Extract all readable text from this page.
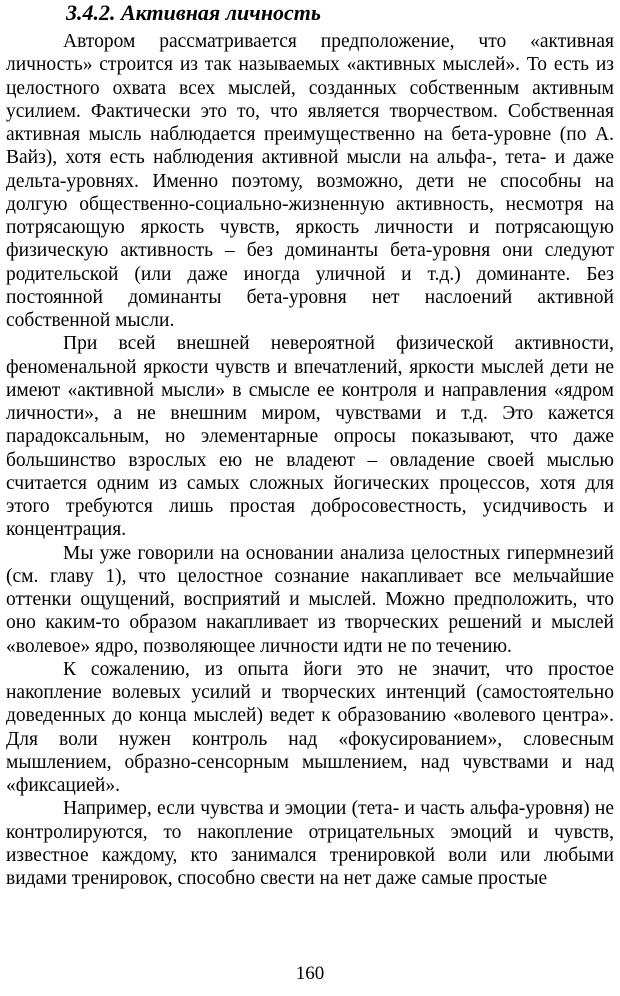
3.4.2. Активная личность

Автором рассматривается предположение, что «активная личность» строится из так называемых «активных мыслей». То есть из целостного охвата всех мыслей, созданных собственным активным усилием. Фактически это то, что является творчеством. Собственная активная мысль наблюдается преимущественно на бета-уровне (по А. Вайз), хотя есть наблюдения активной мысли на альфа-, тета- и даже дельта-уровнях. Именно поэтому, возможно, дети не способны на долгую общественно-социально-жизненную активность, несмотря на потрясающую яркость чувств, яркость личности и потрясающую физическую активность – без доминанты бета-уровня они следуют родительской (или даже иногда уличной и т.д.) доминанте. Без постоянной доминанты бета-уровня нет наслоений активной собственной мысли.

При всей внешней невероятной физической активности, феноменальной яркости чувств и впечатлений, яркости мыслей дети не имеют «активной мысли» в смысле ее контроля и направления «ядром личности», а не внешним миром, чувствами и т.д. Это кажется парадоксальным, но элементарные опросы показывают, что даже большинство взрослых ею не владеют – овладение своей мыслью считается одним из самых сложных йогических процессов, хотя для этого требуются лишь простая добросовестность, усидчивость и концентрация.

Мы уже говорили на основании анализа целостных гипермнезий (см. главу 1), что целостное сознание накапливает все мельчайшие оттенки ощущений, восприятий и мыслей. Можно предположить, что оно каким-то образом накапливает из творческих решений и мыслей «волевое» ядро, позволяющее личности идти не по течению.

К сожалению, из опыта йоги это не значит, что простое накопление волевых усилий и творческих интенций (самостоятельно доведенных до конца мыслей) ведет к образованию «волевого центра». Для воли нужен контроль над «фокусированием», словесным мышлением, образно-сенсорным мышлением, над чувствами и над «фиксацией».

Например, если чувства и эмоции (тета- и часть альфа-уровня) не контролируются, то накопление отрицательных эмоций и чувств, известное каждому, кто занимался тренировкой воли или любыми видами тренировок, способно свести на нет даже самые простые

160
